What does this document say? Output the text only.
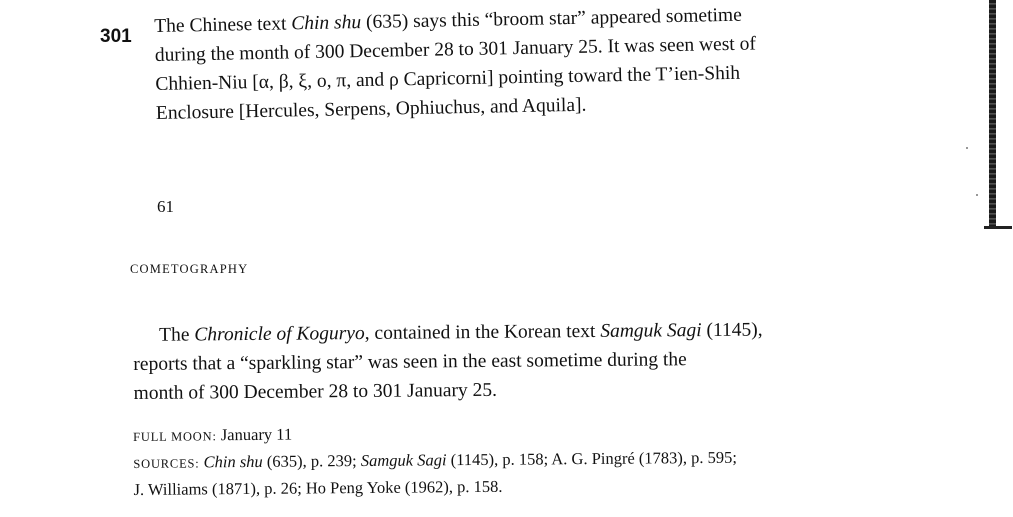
301 The Chinese text Chin shu (635) says this “broom star” appeared sometime
during the month of 300 December 28 to 301 January 25. It was seen west of
Chhien-Niu [α, β, ξ, o, π, and ρ Capricorni] pointing toward the T’ien-Shih
Enclosure [Hercules, Serpens, Ophiuchus, and Aquila].
61
COMETOGRAPHY
The Chronicle of Koguryo, contained in the Korean text Samguk Sagi (1145),
reports that a “sparkling star” was seen in the east sometime during the
month of 300 December 28 to 301 January 25.
FULL MOON: January 11
SOURCES: Chin shu (635), p. 239; Samguk Sagi (1145), p. 158; A. G. Pingré (1783), p. 595;
J. Williams (1871), p. 26; Ho Peng Yoke (1962), p. 158.
